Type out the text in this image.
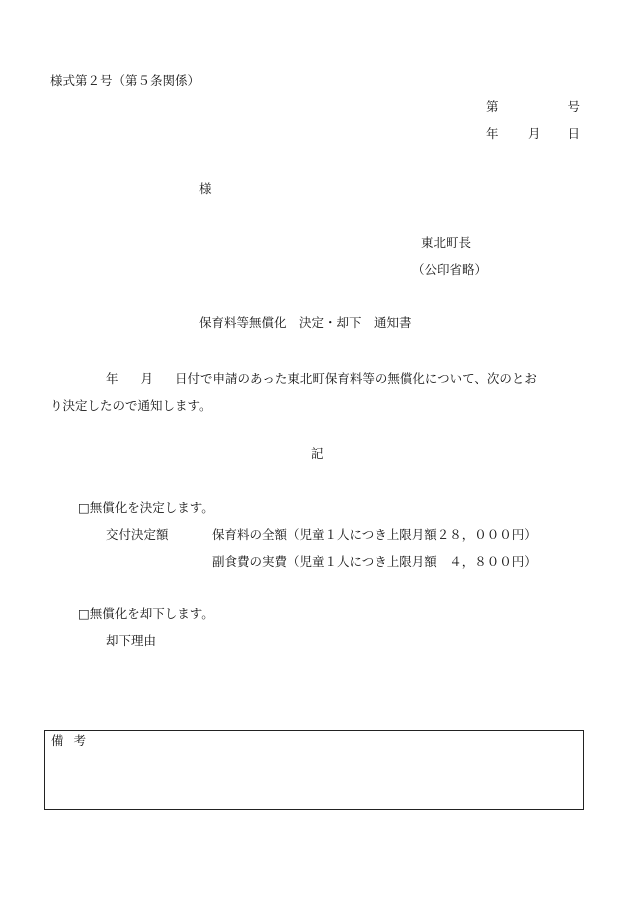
様式第２号（第５条関係）
第	号
年 月 日
様
東北町長
（公印省略）
保育料等無償化　決定・却下　通知書
年 月 日付で申請のあった東北町保育料等の無償化について、次のとお
り決定したので通知します。
記
□無償化を決定します。
交付決定額	保育料の全額（児童１人につき上限月額２８，０００円）
副食費の実費（児童１人につき上限月額　４，８００円）
□無償化を却下します。
却下理由
備考
